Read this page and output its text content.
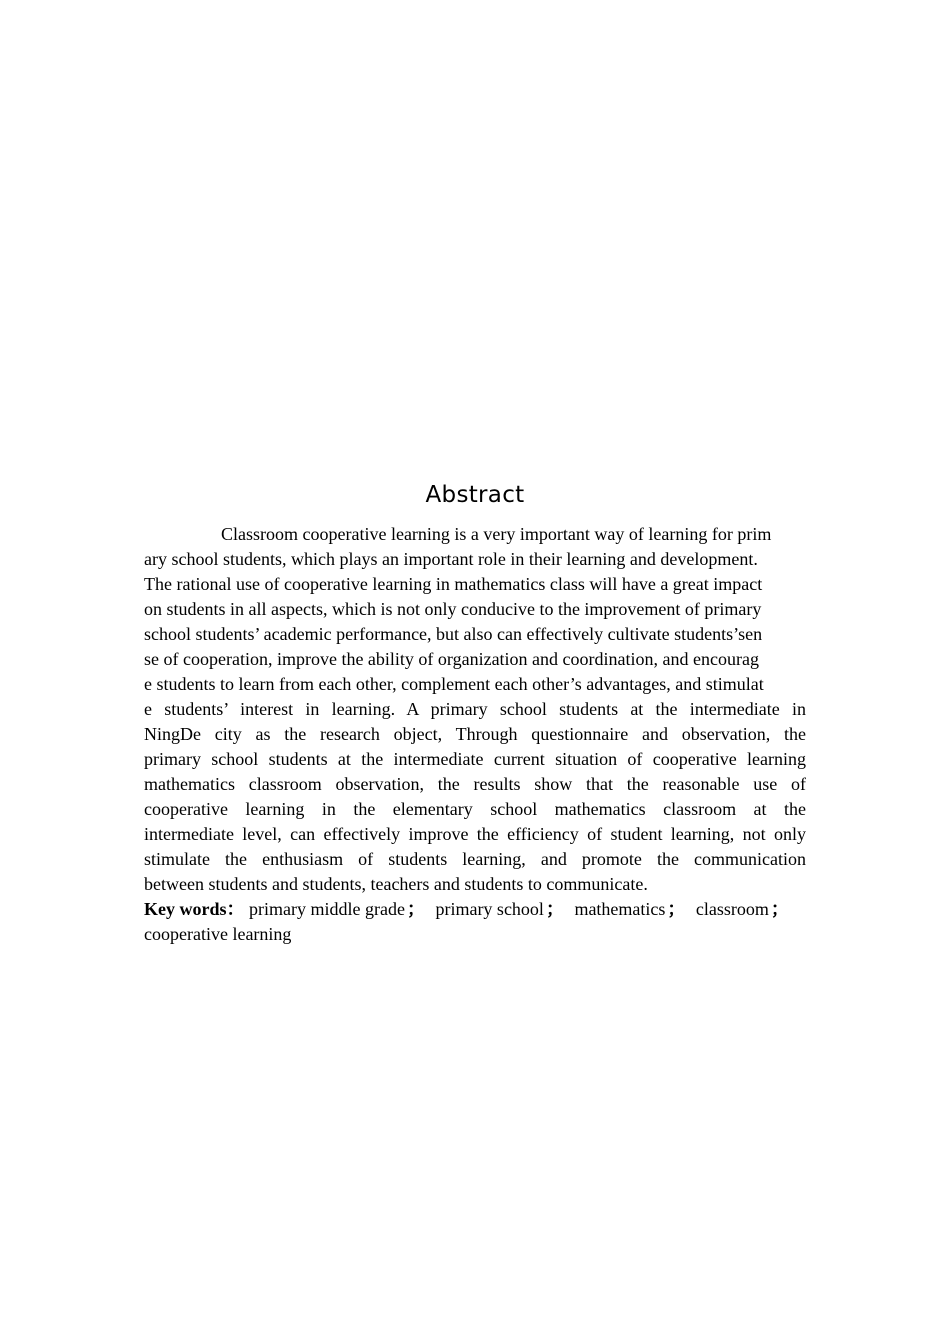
Abstract
Classroom cooperative learning is a very important way of learning for prim
ary school students, which plays an important role in their learning and development.
The rational use of cooperative learning in mathematics class will have a great impact
on students in all aspects, which is not only conducive to the improvement of primary
school students’ academic performance, but also can effectively cultivate students’sen
se of cooperation, improve the ability of organization and coordination, and encourag
e students to learn from each other, complement each other’s advantages, and stimulat
e students’ interest in learning. A primary school students at the intermediate in
NingDe city as the research object, Through questionnaire and observation, the
primary school students at the intermediate current situation of cooperative learning
mathematics classroom observation, the results show that the reasonable use of
cooperative learning in the elementary school mathematics classroom at the
intermediate level, can effectively improve the efficiency of student learning, not only
stimulate the enthusiasm of students learning, and promote the communication
between students and students, teachers and students to communicate.
Key words： primary middle grade ； primary school ； mathematics ； classroom ；
cooperative learning
